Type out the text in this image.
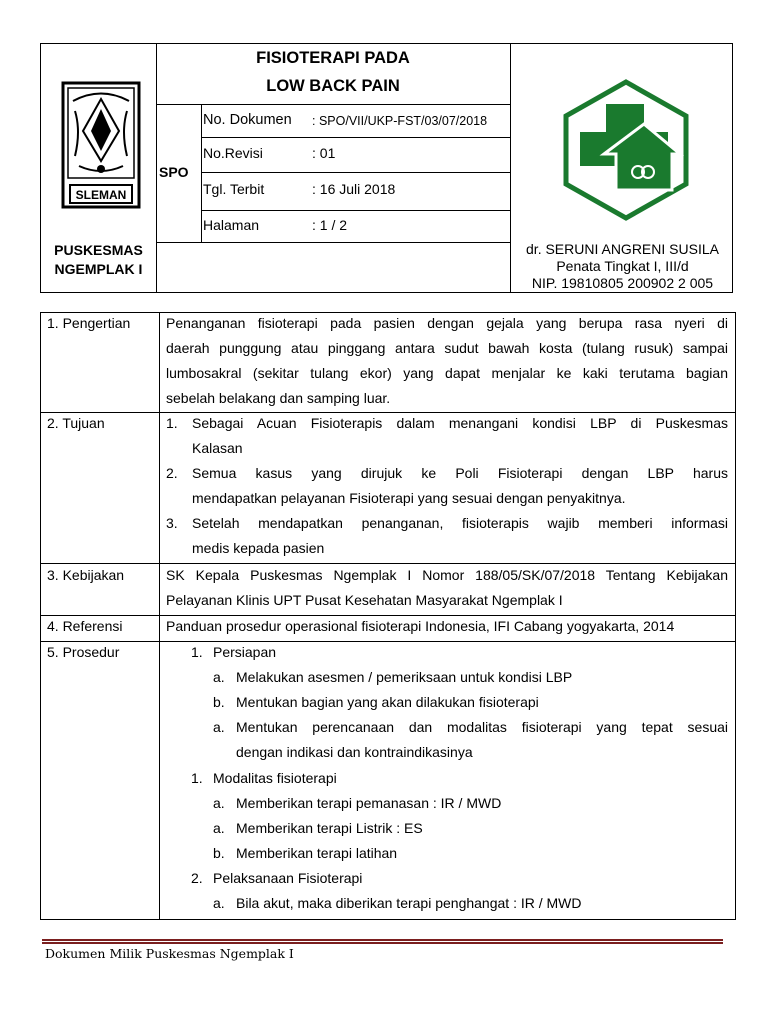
SLEMAN
PUSKESMAS
NGEMPLAK I
FISIOTERAPI PADA
LOW BACK PAIN
SPO
No. Dokumen : SPO/VII/UKP-FST/03/07/2018
No.Revisi	: 01
Tgl. Terbit	: 16 Juli 2018
Halaman	: 1 / 2
dr. SERUNI ANGRENI SUSILA
Penata Tingkat I, III/d
NIP. 19810805 200902 2 005
1. Pengertian	Penanganan fisioterapi pada pasien dengan gejala yang berupa rasa nyeri di
daerah punggung atau pinggang antara sudut bawah kosta (tulang rusuk) sampai
lumbosakral (sekitar tulang ekor) yang dapat menjalar ke kaki terutama bagian
sebelah belakang dan samping luar.
2. Tujuan	1. Sebagai Acuan Fisioterapis dalam menangani kondisi LBP di Puskesmas
Kalasan
2. Semua kasus yang dirujuk ke Poli Fisioterapi dengan LBP harus
mendapatkan pelayanan Fisioterapi yang sesuai dengan penyakitnya.
3. Setelah mendapatkan penanganan, fisioterapis wajib memberi informasi
medis kepada pasien
3. Kebijakan	SK Kepala Puskesmas Ngemplak I Nomor 188/05/SK/07/2018 Tentang Kebijakan
Pelayanan Klinis UPT Pusat Kesehatan Masyarakat Ngemplak I
4. Referensi	Panduan prosedur operasional fisioterapi Indonesia, IFI Cabang yogyakarta, 2014
5. Prosedur	1. Persiapan
a. Melakukan asesmen / pemeriksaan untuk kondisi LBP
b. Mentukan bagian yang akan dilakukan fisioterapi
a. Mentukan perencanaan dan modalitas fisioterapi yang tepat sesuai
dengan indikasi dan kontraindikasinya
1. Modalitas fisioterapi
a. Memberikan terapi pemanasan : IR / MWD
a. Memberikan terapi Listrik : ES
b. Memberikan terapi latihan
2. Pelaksanaan Fisioterapi
a. Bila akut, maka diberikan terapi penghangat : IR / MWD
Dokumen Milik Puskesmas Ngemplak I
